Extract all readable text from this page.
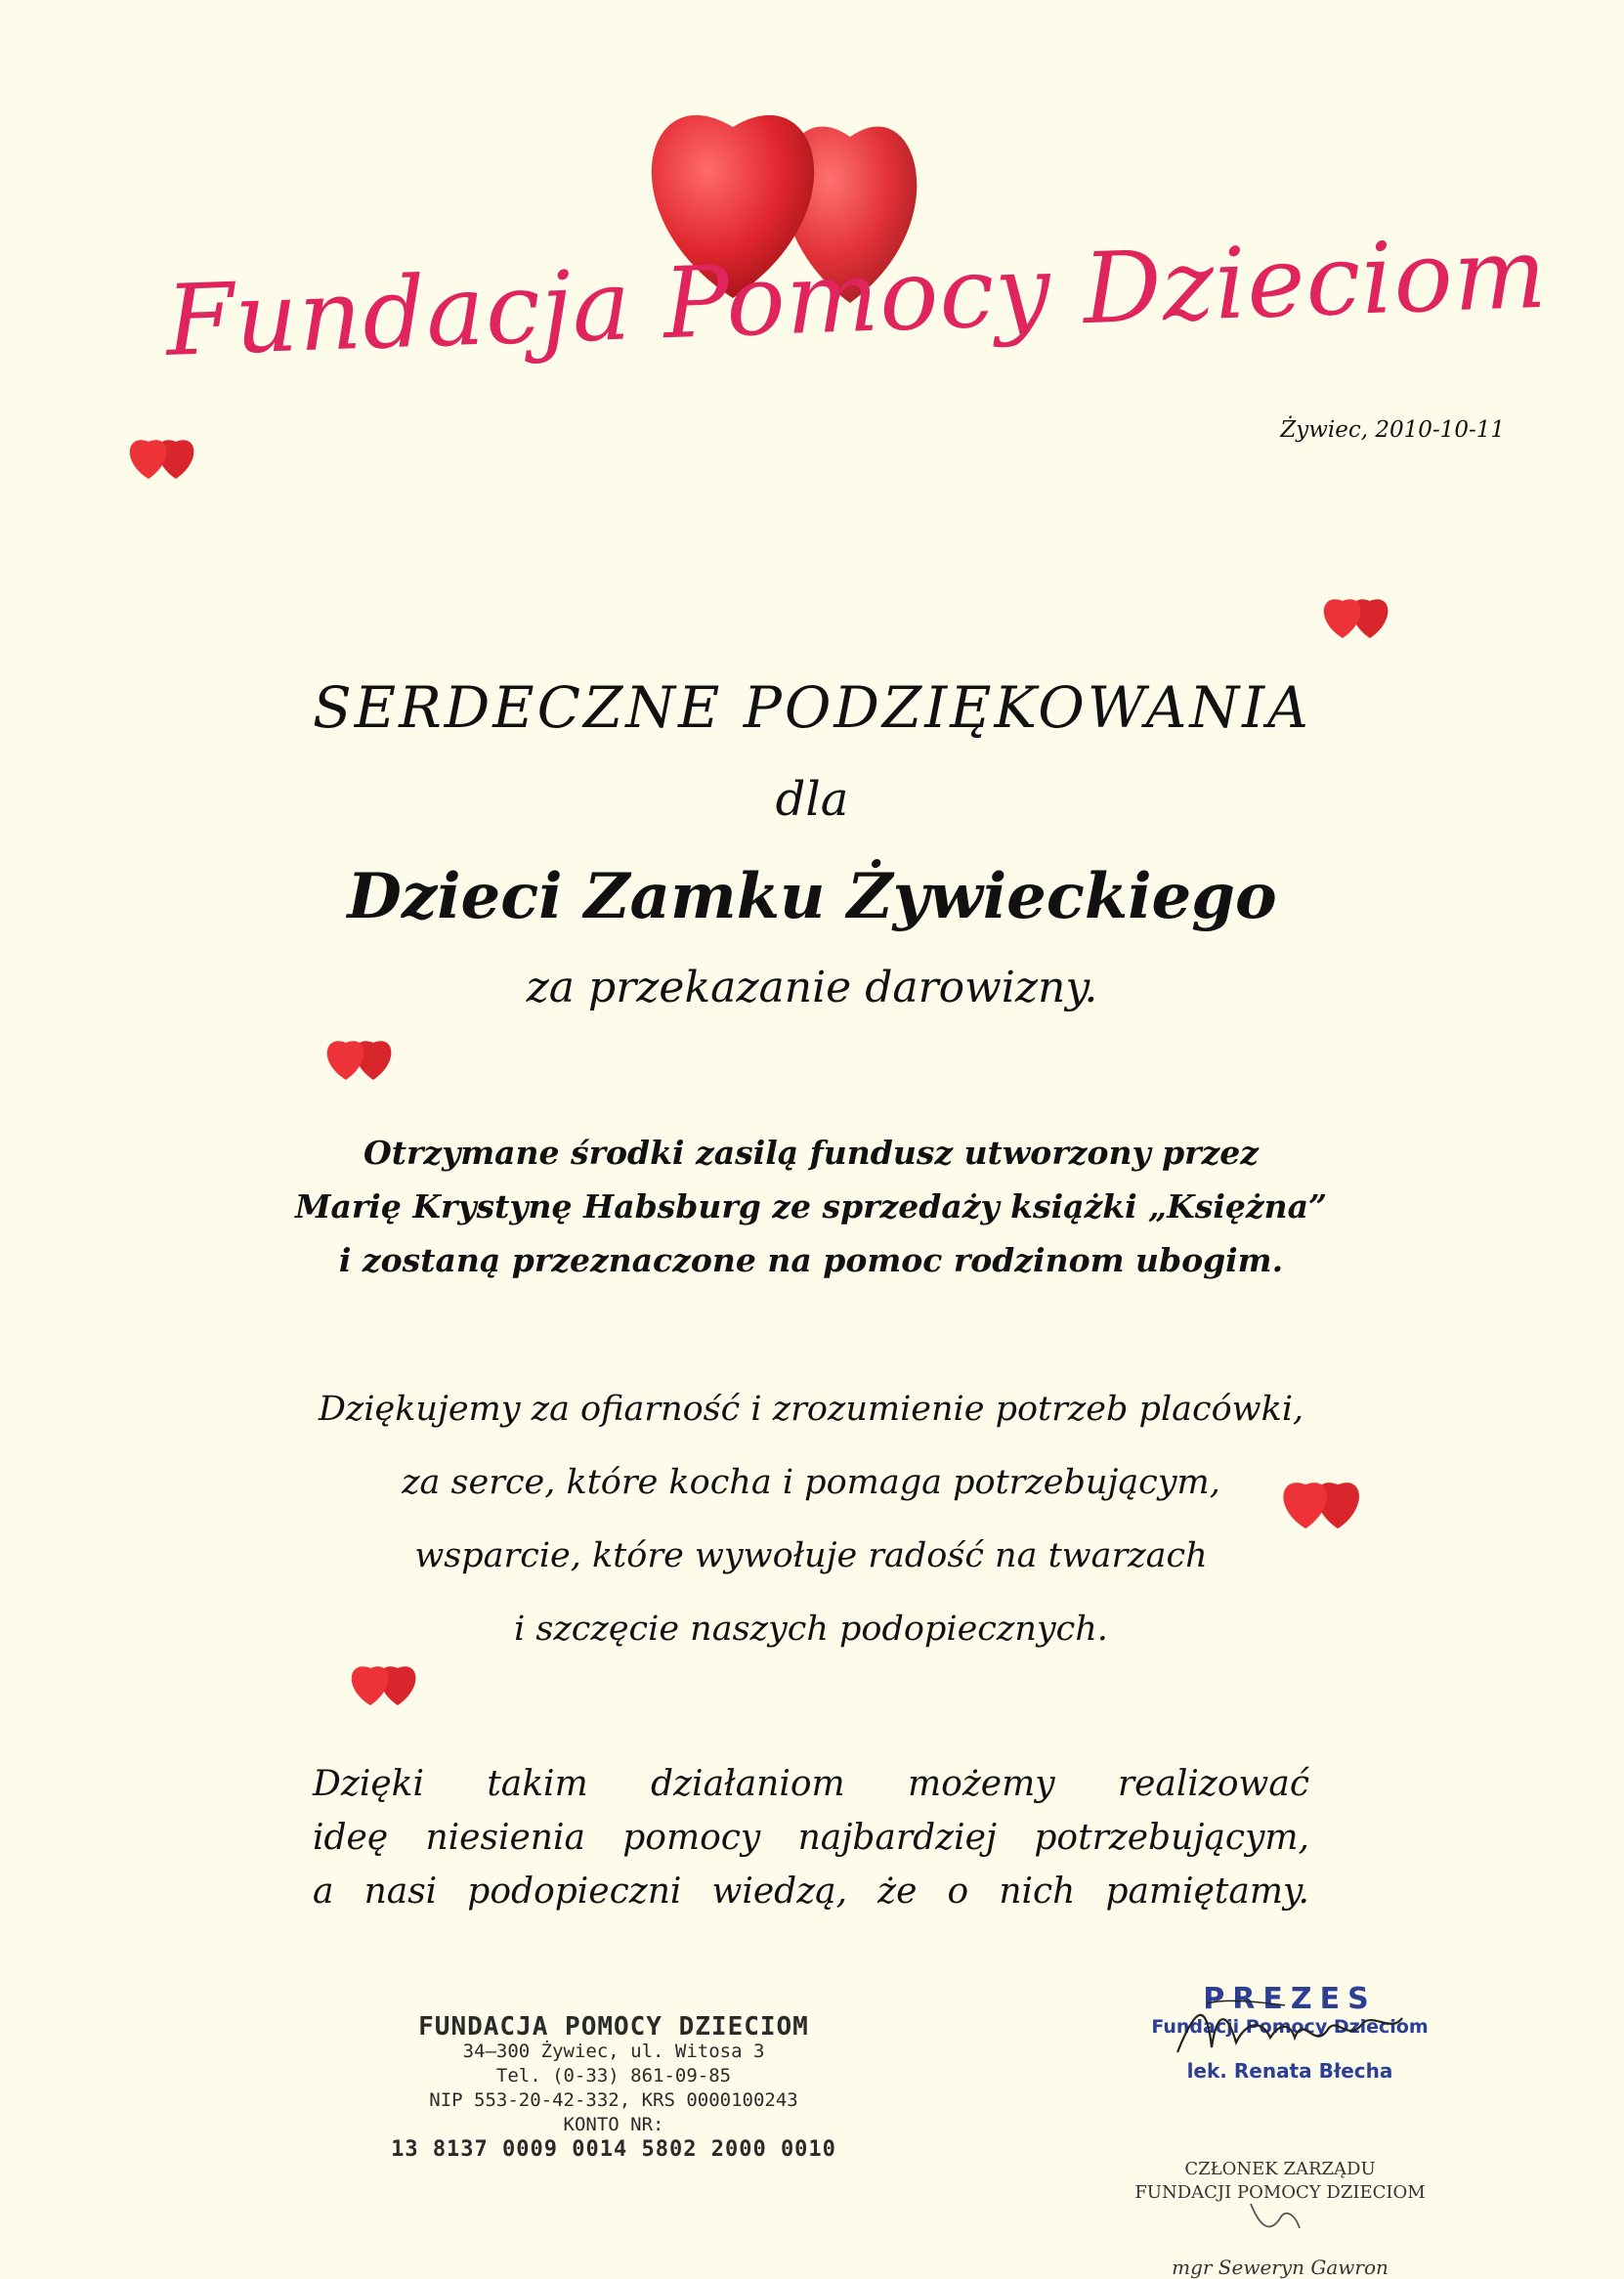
Fundacja Pomocy Dzieciom
Żywiec, 2010-10-11
SERDECZNE PODZIĘKOWANIA
dla
Dzieci Zamku Żywieckiego
za przekazanie darowizny.
Otrzymane środki zasilą fundusz utworzony przez
Marię Krystynę Habsburg ze sprzedaży książki „Księżna”
i zostaną przeznaczone na pomoc rodzinom ubogim.
Dziękujemy za ofiarność i zrozumienie potrzeb placówki,
za serce, które kocha i pomaga potrzebującym,
wsparcie, które wywołuje radość na twarzach
i szczęcie naszych podopiecznych.
Dzięki takim działaniom możemy realizować
ideę niesienia pomocy najbardziej potrzebującym,
a nasi podopieczni wiedzą, że o nich pamiętamy.
FUNDACJA POMOCY DZIECIOM
34–300 Żywiec, ul. Witosa 3
Tel. (0-33) 861-09-85
NIP 553-20-42-332, KRS 0000100243
KONTO NR:
13 8137 0009 0014 5802 2000 0010
PREZES
Fundacji Pomocy Dzieciom
lek. Renata Błecha
CZŁONEK ZARZĄDU
FUNDACJI POMOCY DZIECIOM
mgr Seweryn Gawron
